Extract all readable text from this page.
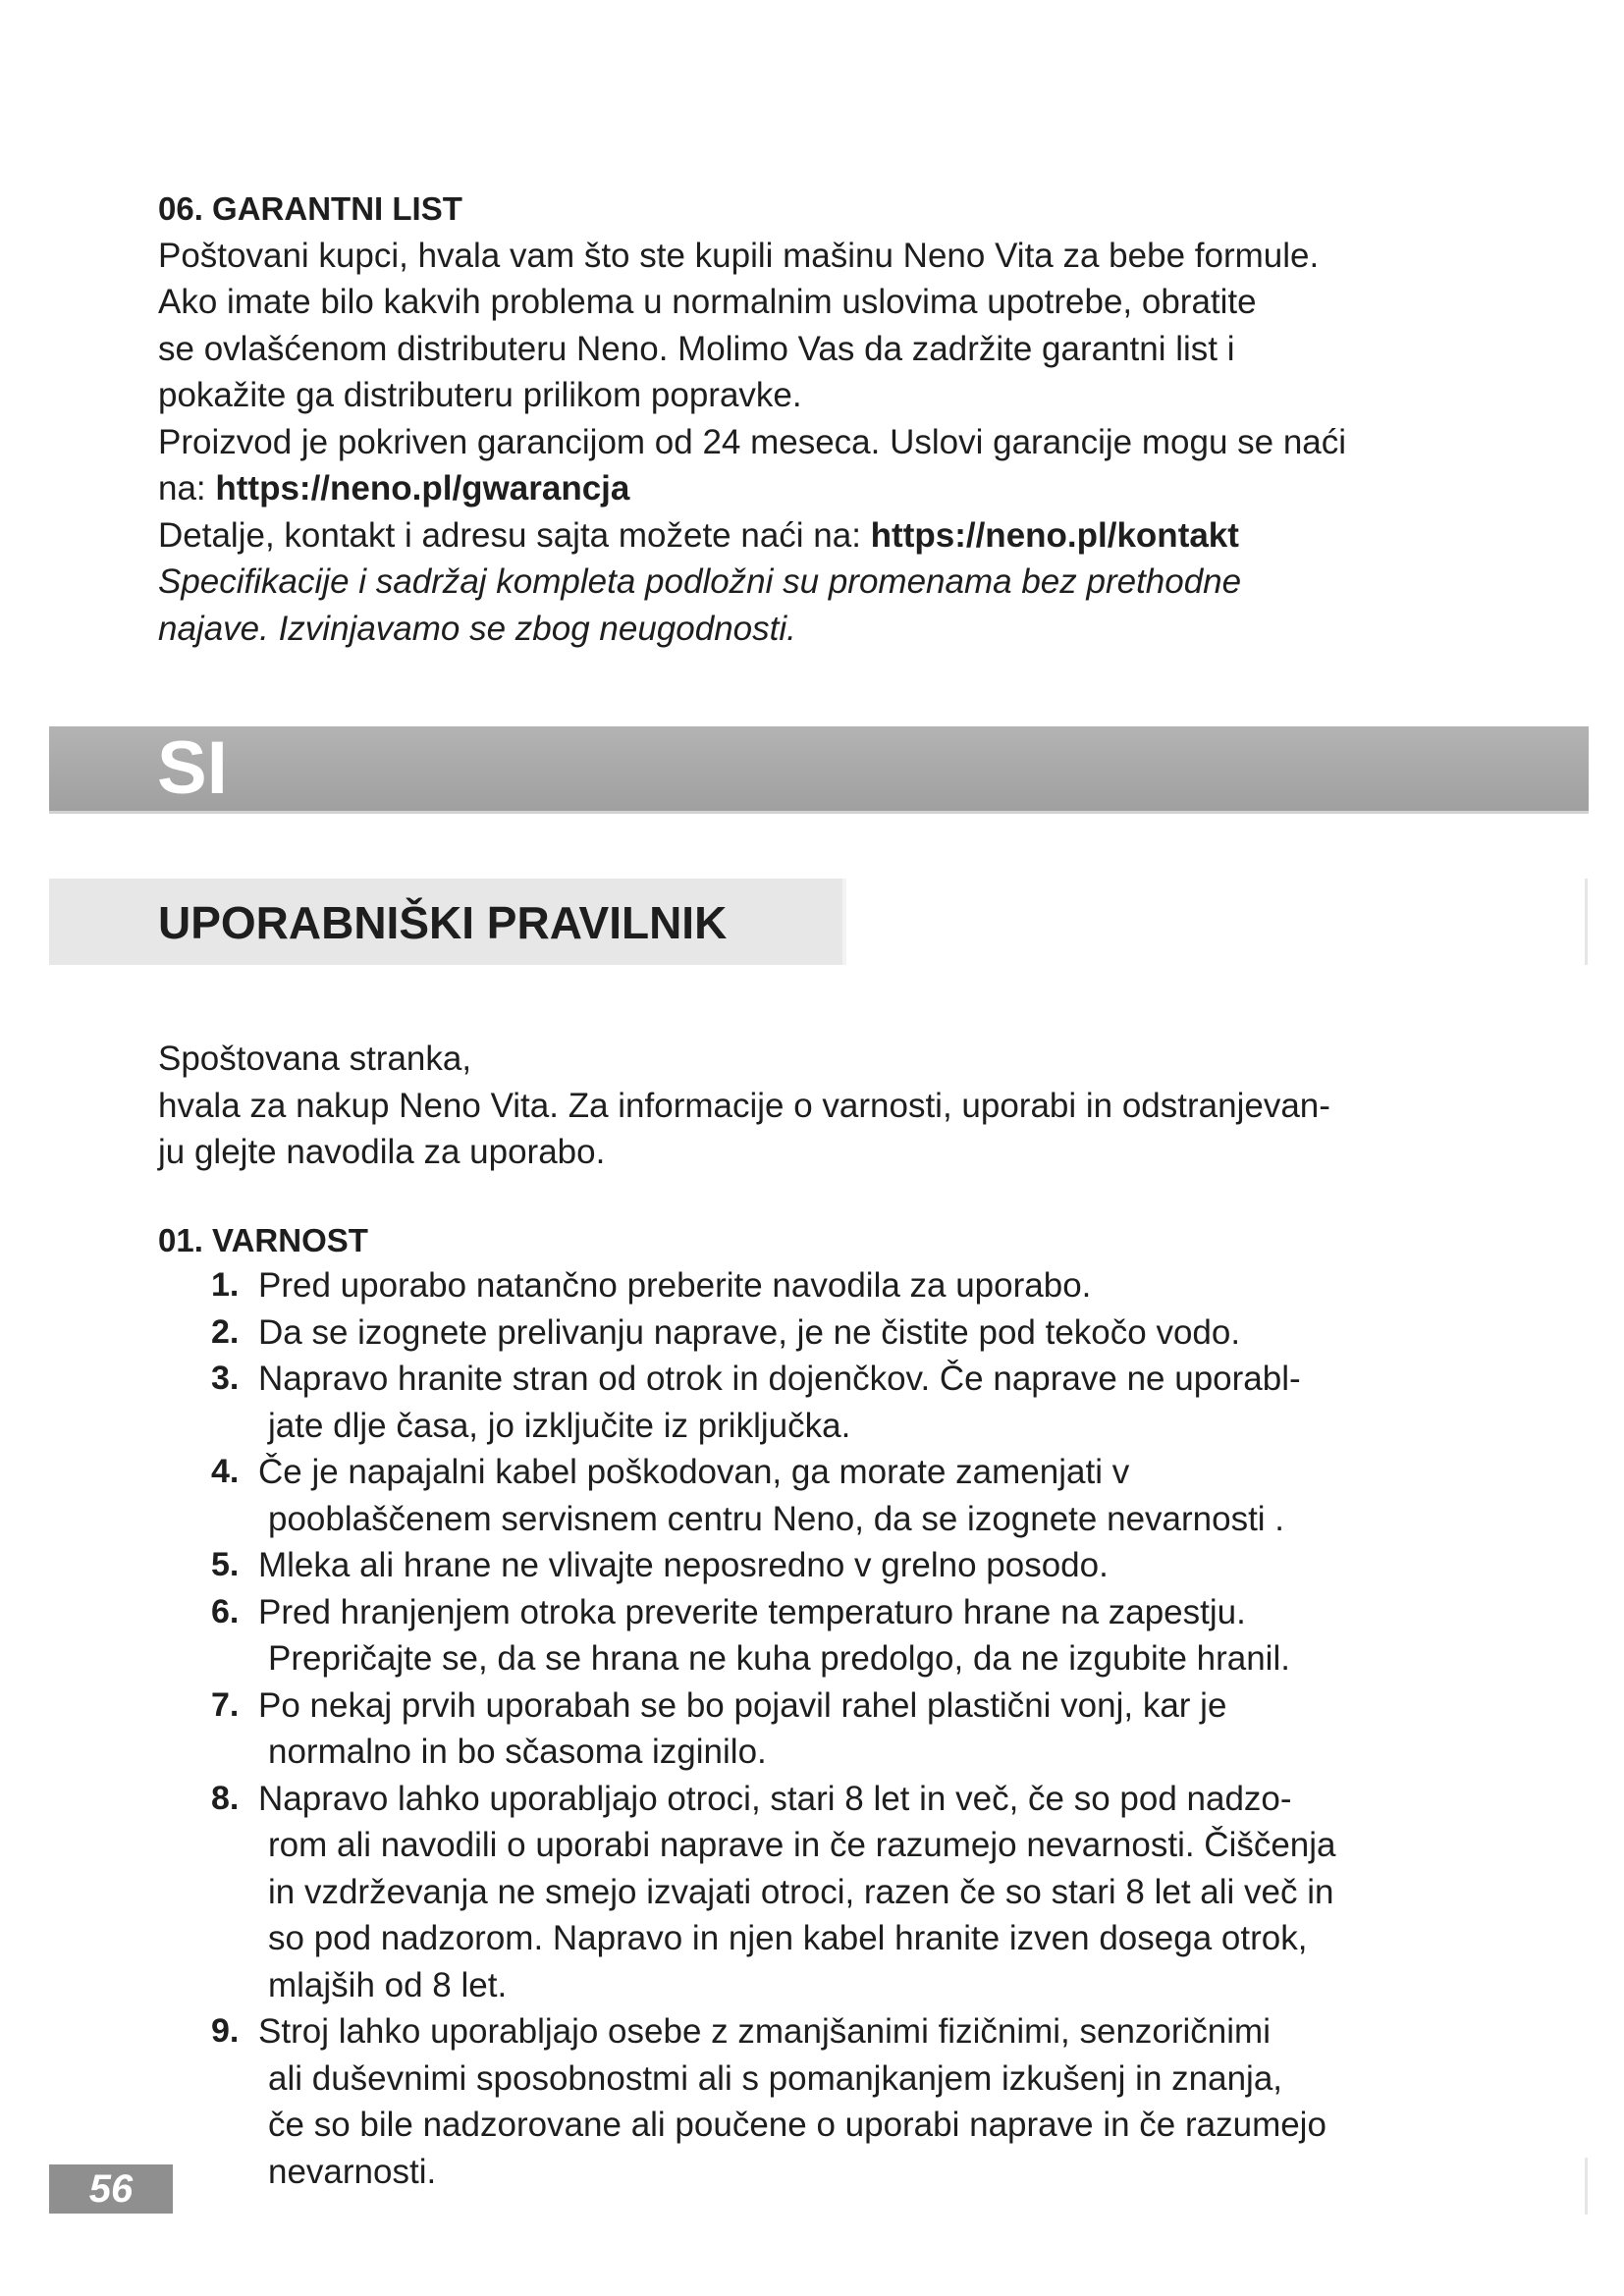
06. GARANTNI LIST
Poštovani kupci, hvala vam što ste kupili mašinu Neno Vita za bebe formule.
Ako imate bilo kakvih problema u normalnim uslovima upotrebe, obratite
se ovlašćenom distributeru Neno. Molimo Vas da zadržite garantni list i
pokažite ga distributeru prilikom popravke.
Proizvod je pokriven garancijom od 24 meseca. Uslovi garancije mogu se naći
na: https://neno.pl/gwarancja
Detalje, kontakt i adresu sajta možete naći na: https://neno.pl/kontakt
Specifikacije i sadržaj kompleta podložni su promenama bez prethodne
najave. Izvinjavamo se zbog neugodnosti.
SI
UPORABNIŠKI PRAVILNIK
Spoštovana stranka,
hvala za nakup Neno Vita. Za informacije o varnosti, uporabi in odstranjevan-
ju glejte navodila za uporabo.
01. VARNOST
1. Pred uporabo natančno preberite navodila za uporabo.
2. Da se izognete prelivanju naprave, je ne čistite pod tekočo vodo.
3. Napravo hranite stran od otrok in dojenčkov. Če naprave ne uporabl-
jate dlje časa, jo izključite iz priključka.
4. Če je napajalni kabel poškodovan, ga morate zamenjati v
pooblaščenem servisnem centru Neno, da se izognete nevarnosti .
5. Mleka ali hrane ne vlivajte neposredno v grelno posodo.
6. Pred hranjenjem otroka preverite temperaturo hrane na zapestju.
Prepričajte se, da se hrana ne kuha predolgo, da ne izgubite hranil.
7. Po nekaj prvih uporabah se bo pojavil rahel plastični vonj, kar je
normalno in bo sčasoma izginilo.
8. Napravo lahko uporabljajo otroci, stari 8 let in več, če so pod nadzo-
rom ali navodili o uporabi naprave in če razumejo nevarnosti. Čiščenja
in vzdrževanja ne smejo izvajati otroci, razen če so stari 8 let ali več in
so pod nadzorom. Napravo in njen kabel hranite izven dosega otrok,
mlajših od 8 let.
9. Stroj lahko uporabljajo osebe z zmanjšanimi fizičnimi, senzoričnimi
ali duševnimi sposobnostmi ali s pomanjkanjem izkušenj in znanja,
če so bile nadzorovane ali poučene o uporabi naprave in če razumejo
nevarnosti.
56
